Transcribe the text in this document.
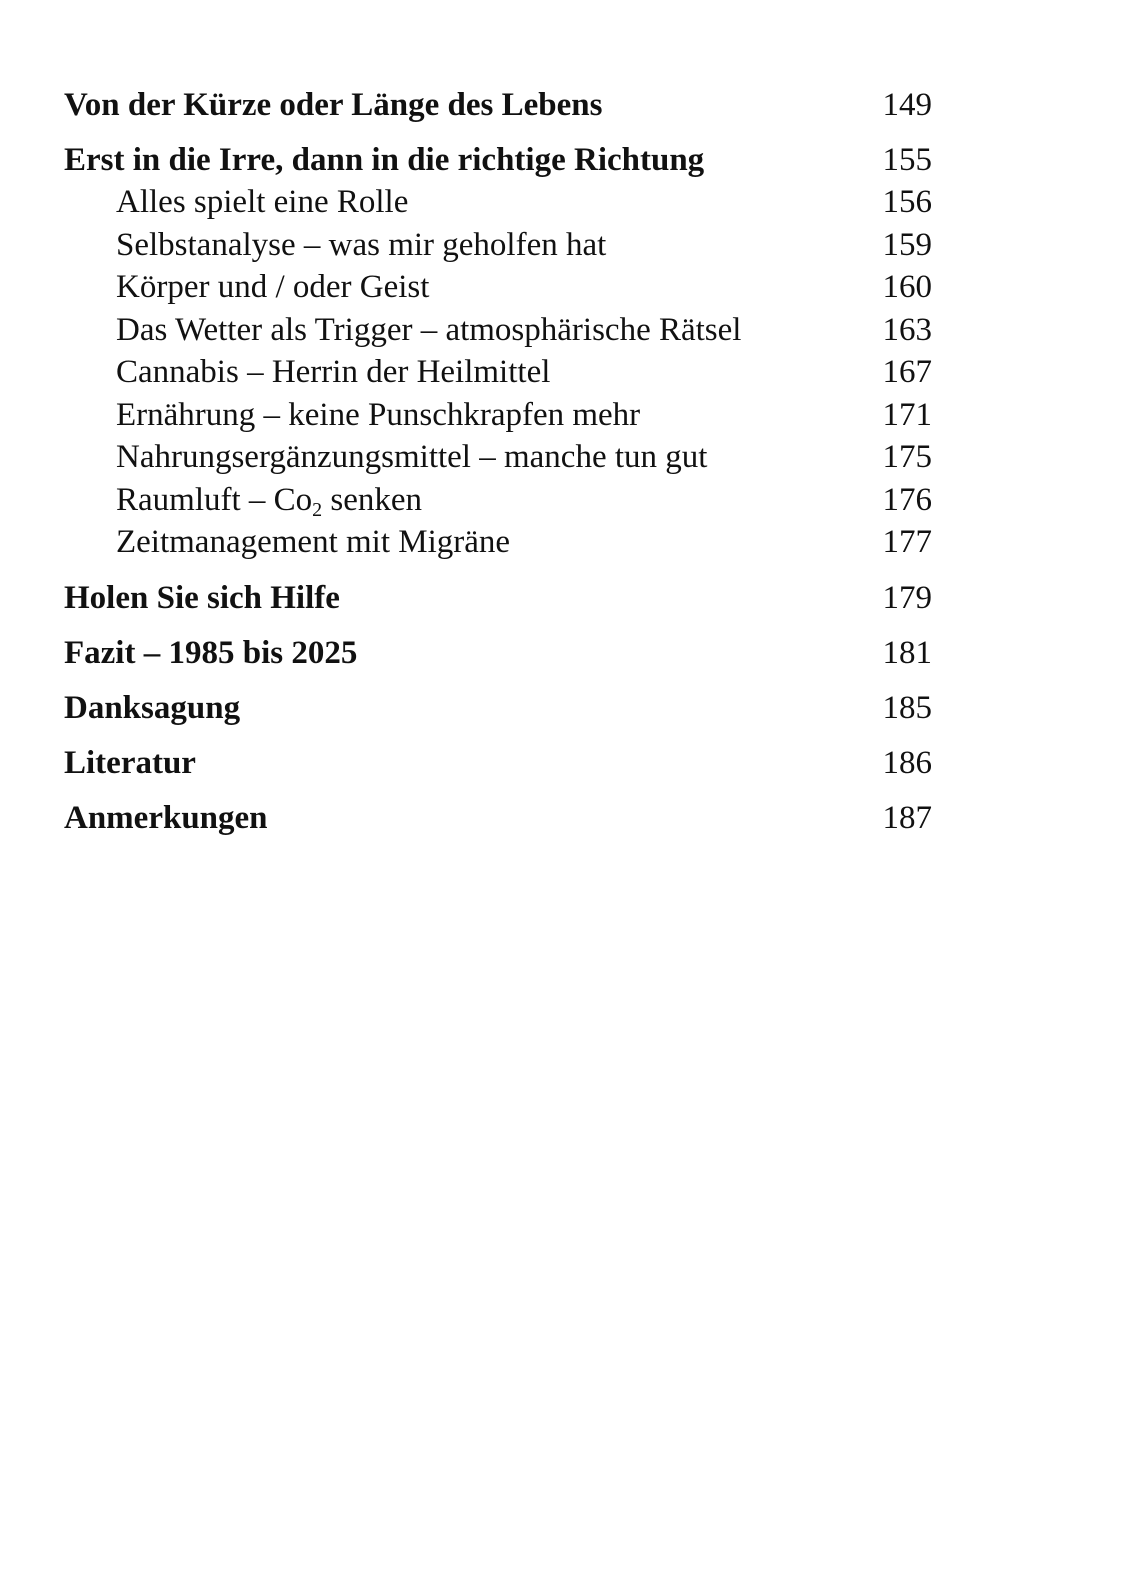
Von der Kürze oder Länge des Lebens	149
Erst in die Irre, dann in die richtige Richtung	155
Alles spielt eine Rolle	156
Selbstanalyse – was mir geholfen hat	159
Körper und / oder Geist	160
Das Wetter als Trigger – atmosphärische Rätsel	163
Cannabis – Herrin der Heilmittel	167
Ernährung – keine Punschkrapfen mehr	171
Nahrungsergänzungsmittel – manche tun gut	175
Raumluft – $Co_2$ senken	176
Zeitmanagement mit Migräne	177
Holen Sie sich Hilfe	179
Fazit – 1985 bis 2025	181
Danksagung	185
Literatur	186
Anmerkungen	187
